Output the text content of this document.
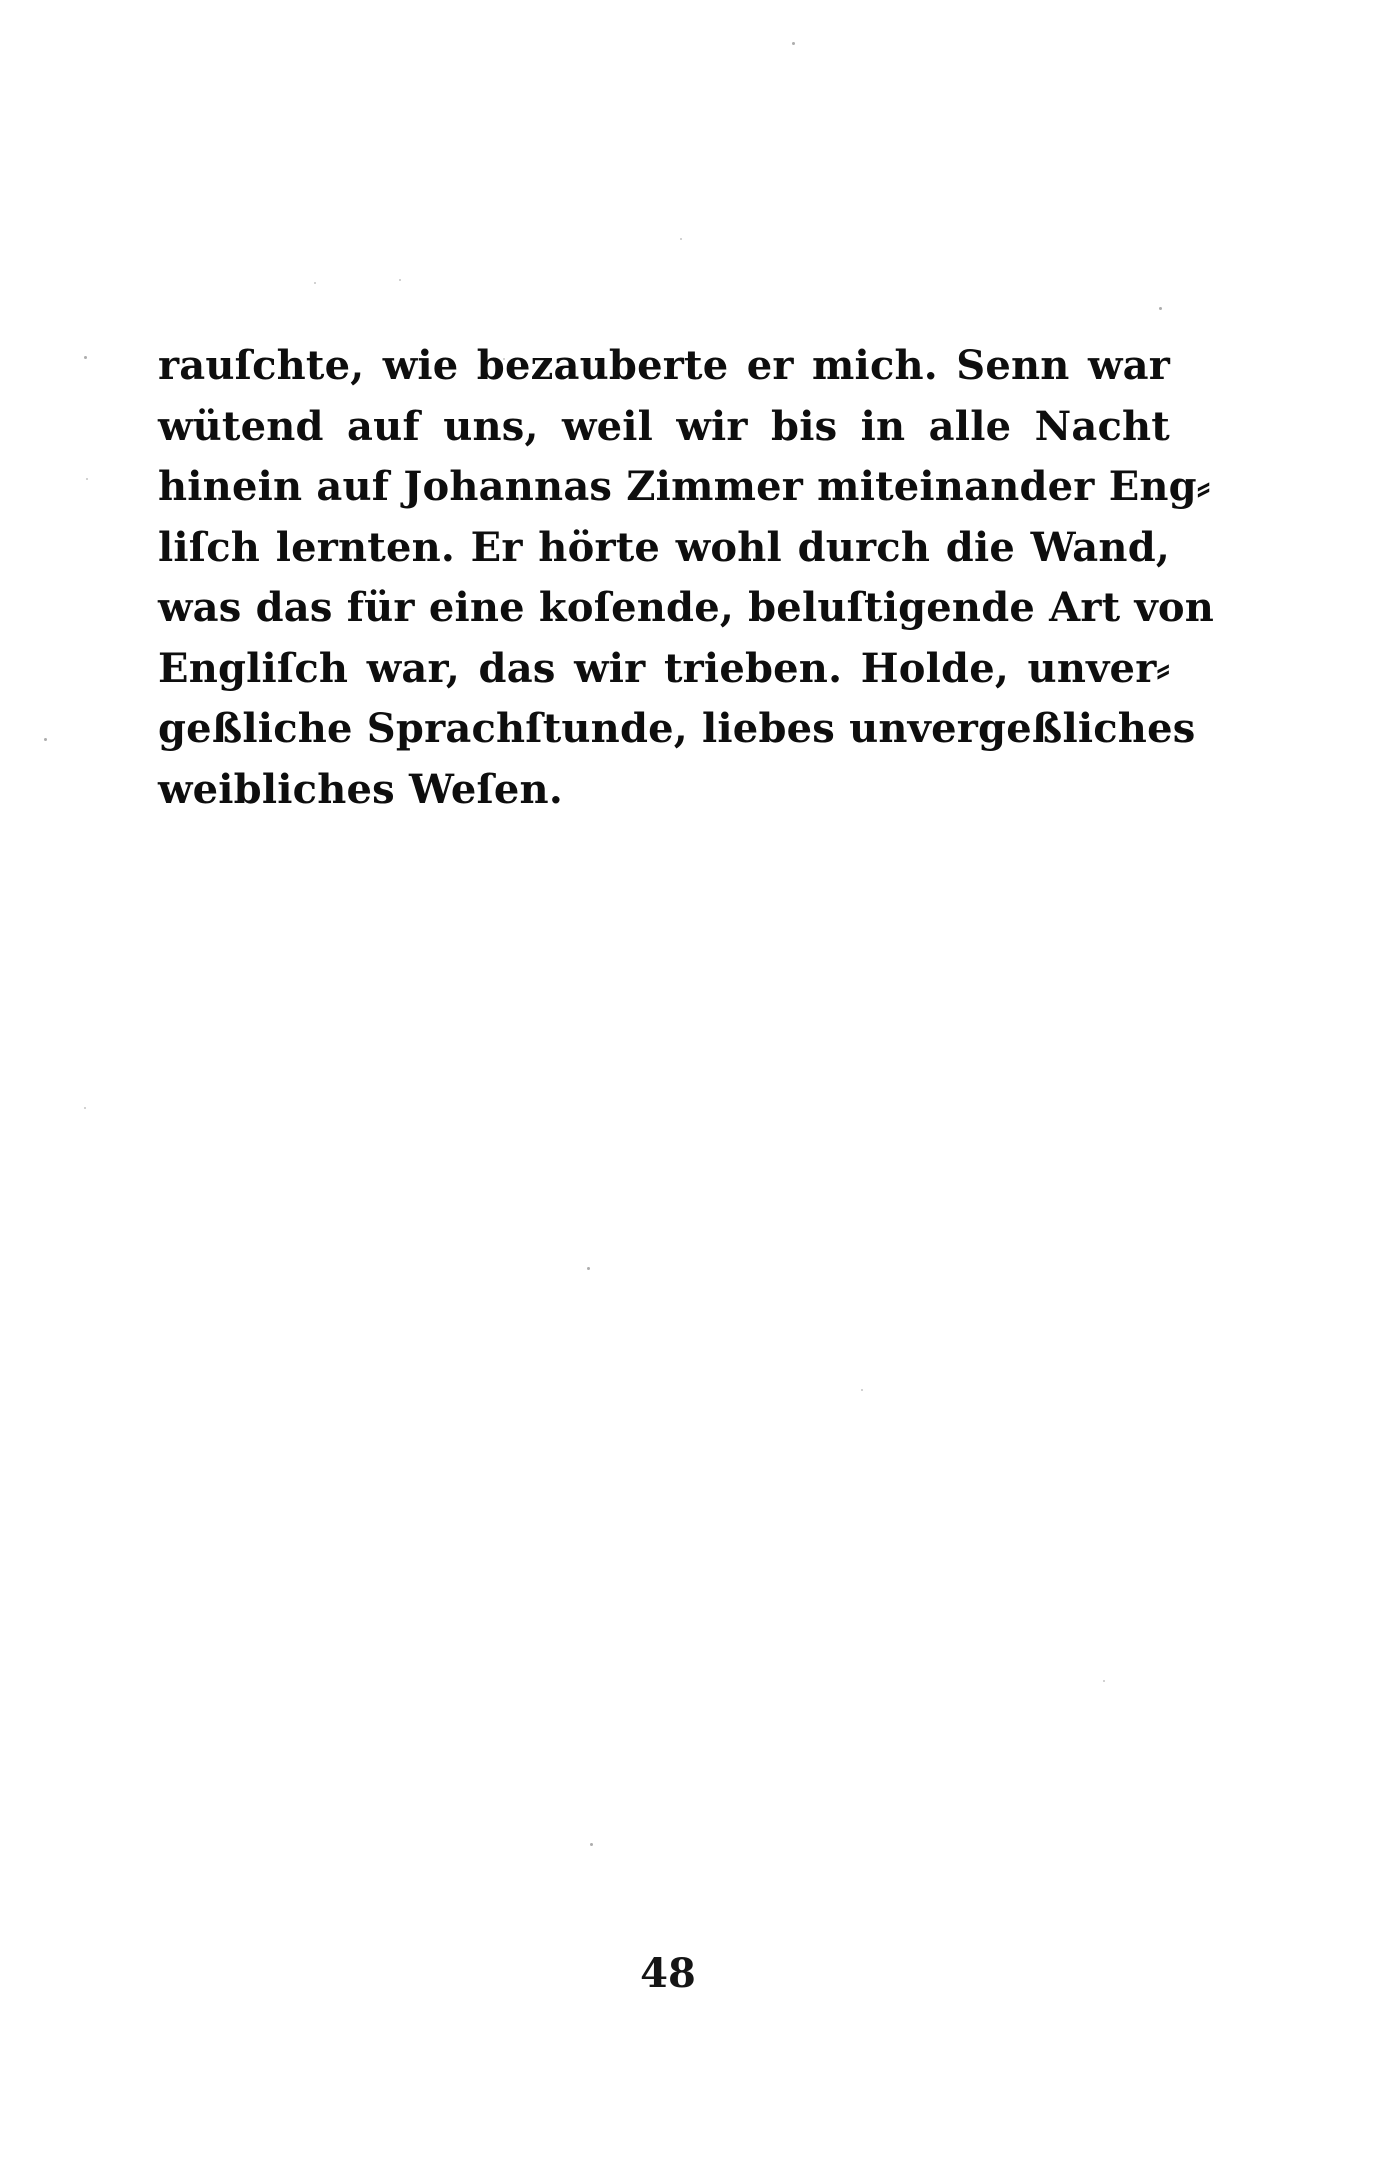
rauſchte, wie bezauberte er mich. Senn war
wütend auf uns, weil wir bis in alle Nacht
hinein auf Johannas Zimmer miteinander Eng⸗
liſch lernten. Er hörte wohl durch die Wand,
was das für eine koſende, beluſtigende Art von
Engliſch war, das wir trieben. Holde, unver⸗
geßliche Sprachſtunde, liebes unvergeßliches
weibliches Weſen.
48
